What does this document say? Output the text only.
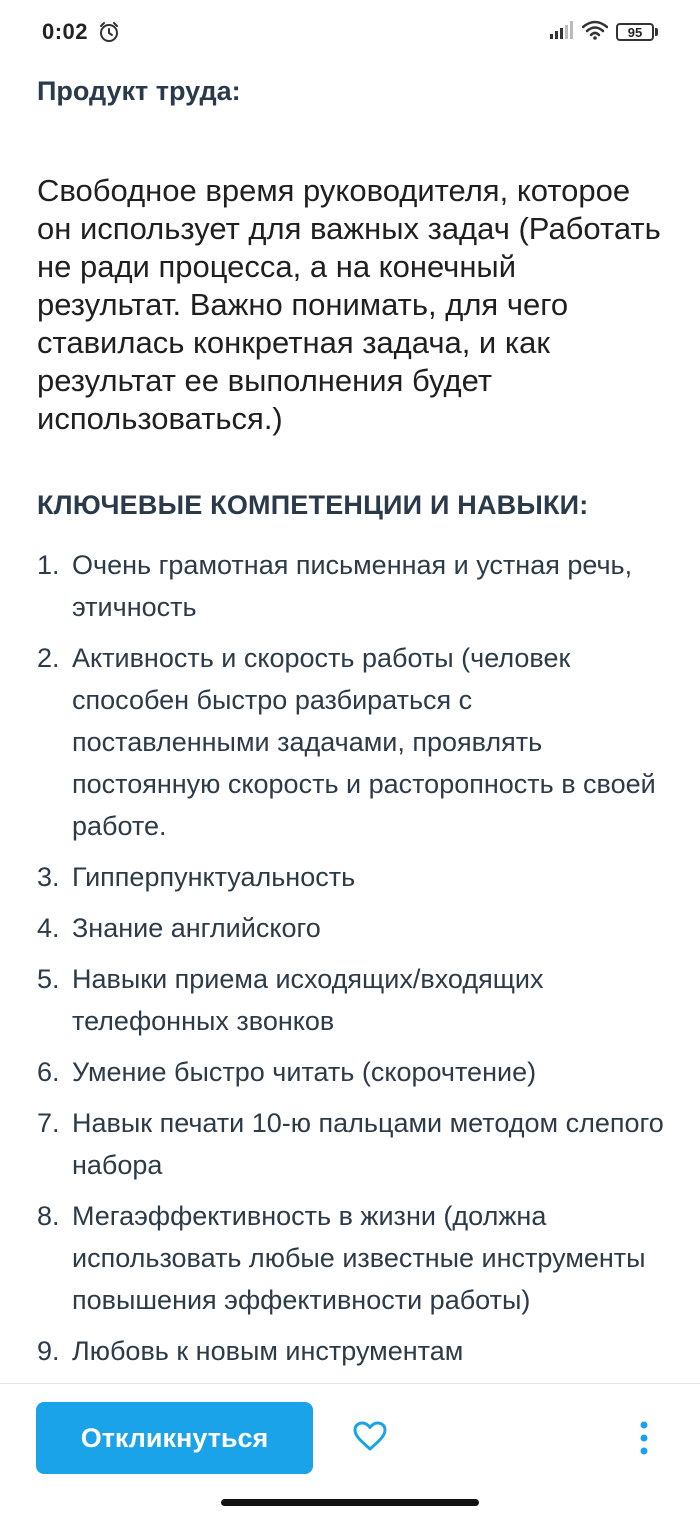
0:02	95
Продукт труда:
Свободное время руководителя, которое он использует для важных задач (Работать не ради процесса, а на конечный результат. Важно понимать, для чего ставилась конкретная задача, и как результат ее выполнения будет использоваться.)
КЛЮЧЕВЫЕ КОМПЕТЕНЦИИ И НАВЫКИ:
1. Очень грамотная письменная и устная речь, этичность
2. Активность и скорость работы (человек способен быстро разбираться с поставленными задачами, проявлять постоянную скорость и расторопность в своей работе.
3. Гипперпунктуальность
4. Знание английского
5. Навыки приема исходящих/входящих телефонных звонков
6. Умение быстро читать (скорочтение)
7. Навык печати 10-ю пальцами методом слепого набора
8. Мегаэффективность в жизни (должна использовать любые известные инструменты повышения эффективности работы)
9. Любовь к новым инструментам
Откликнуться
